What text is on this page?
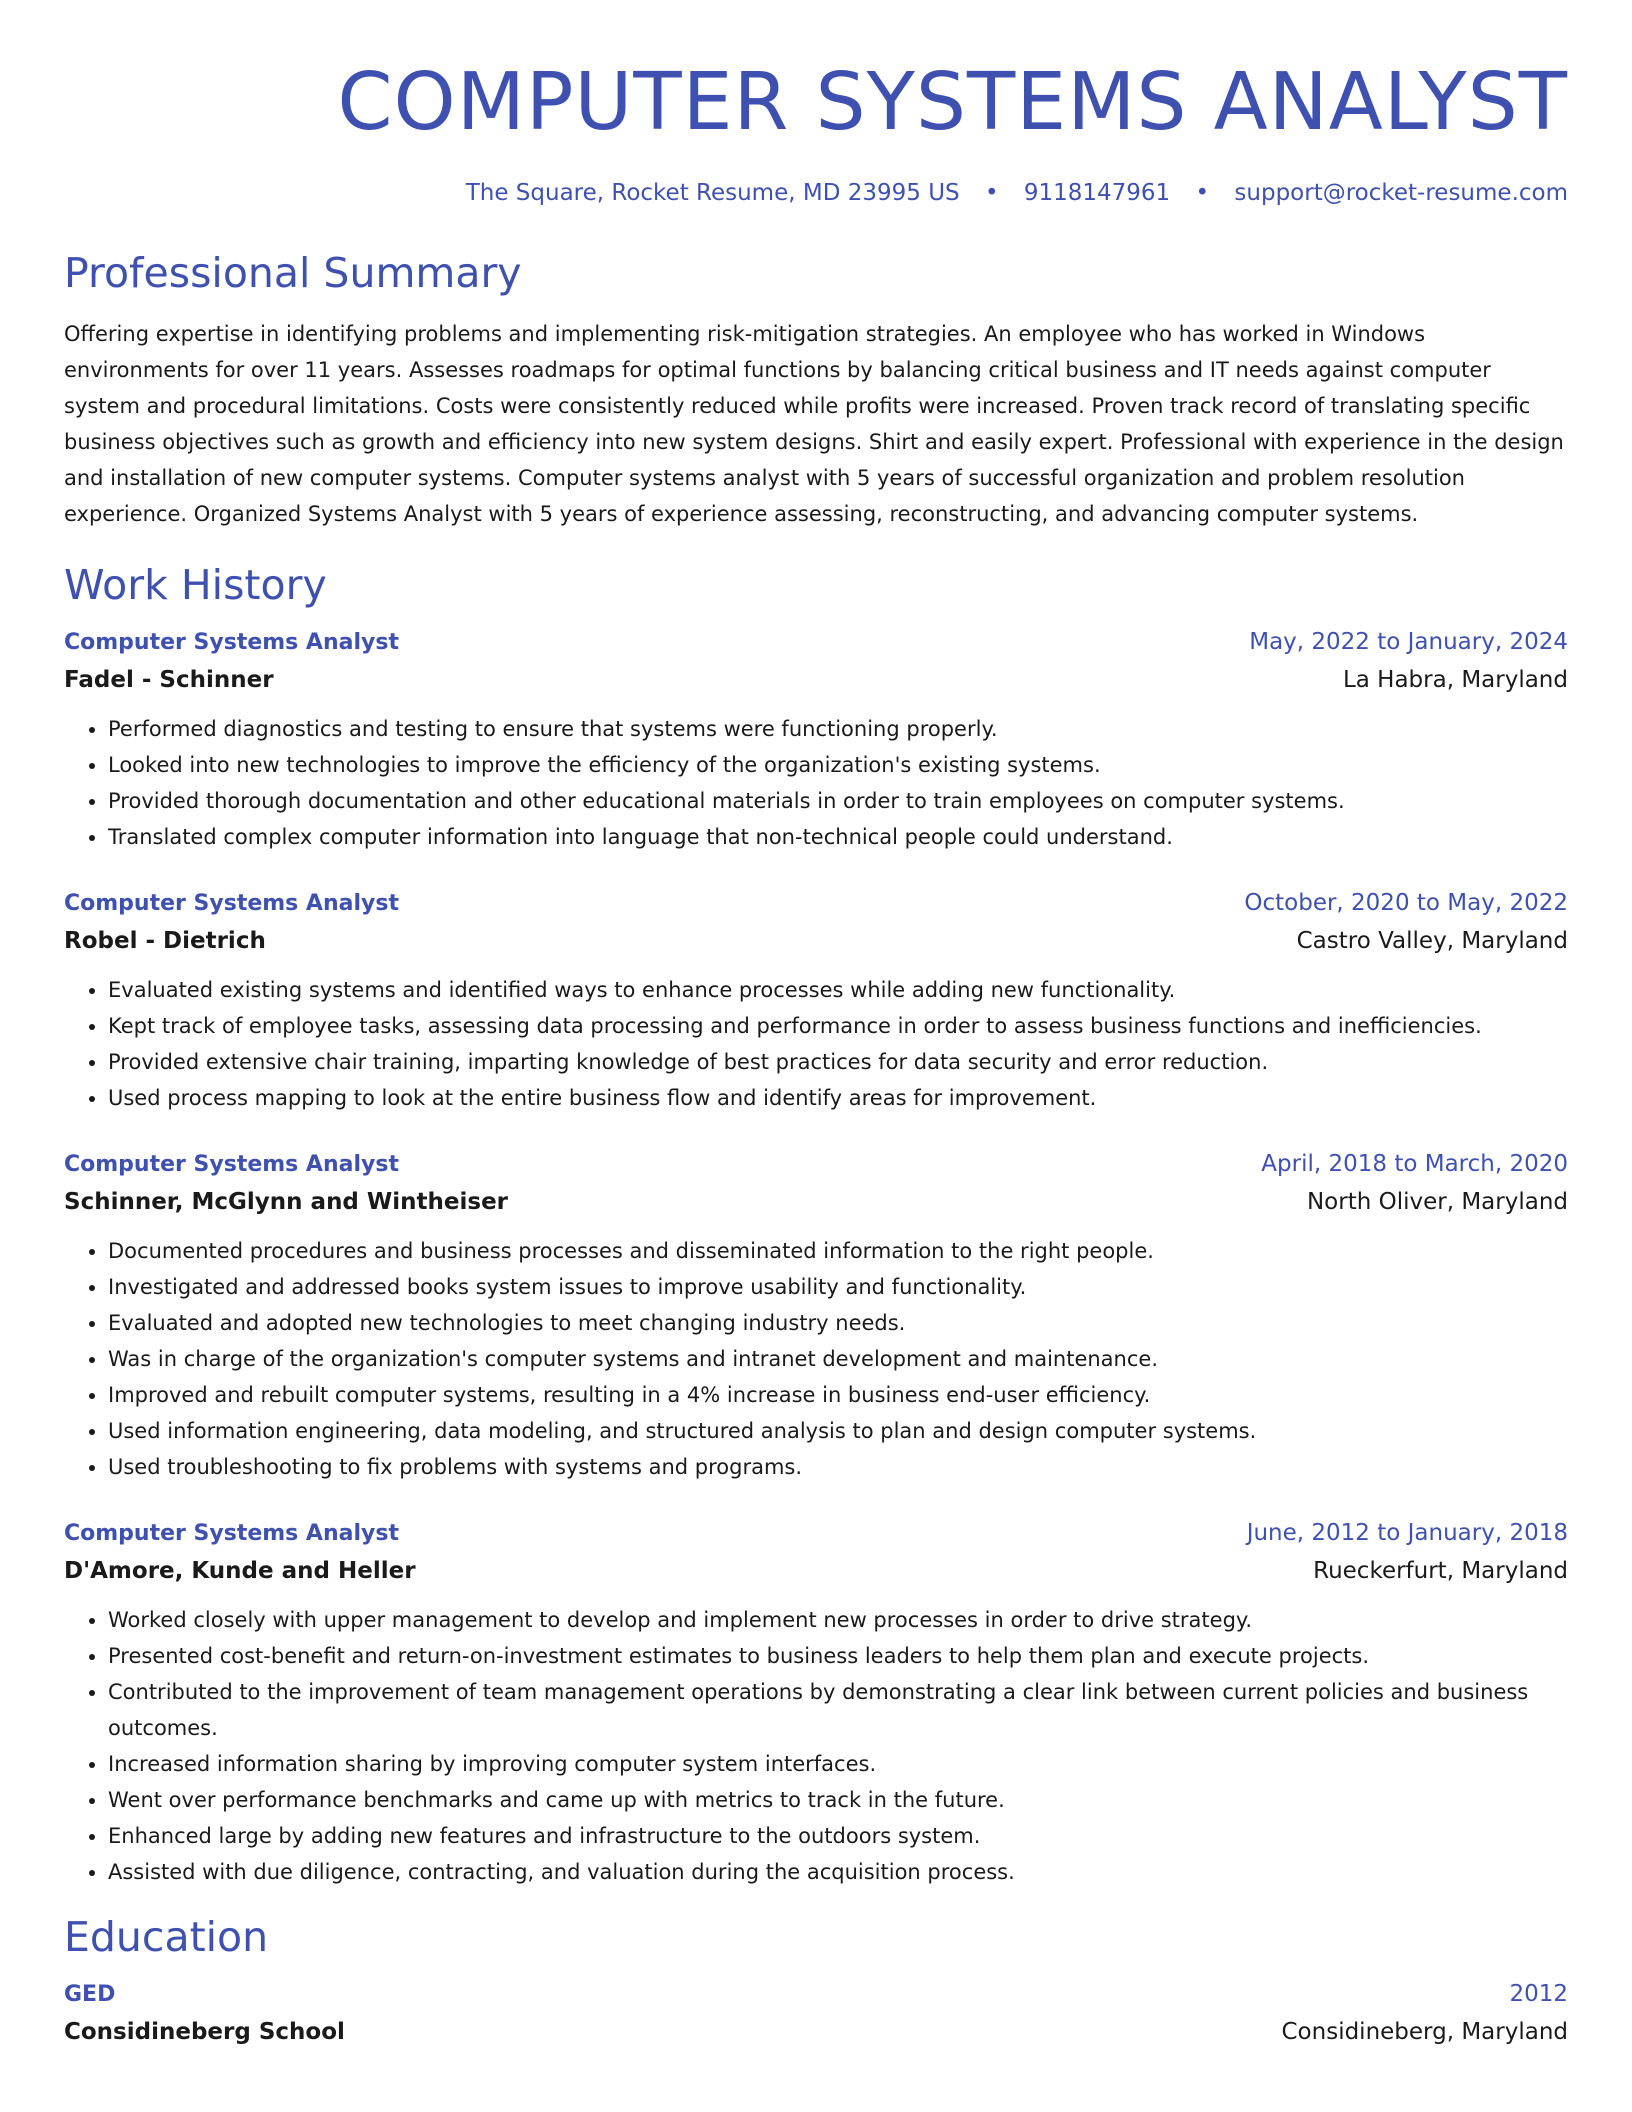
COMPUTER SYSTEMS ANALYST
The Square, Rocket Resume, MD 23995 US • 9118147961 • support@rocket-resume.com
Professional Summary

Offering expertise in identifying problems and implementing risk-mitigation strategies. An employee who has worked in Windows environments for over 11 years. Assesses roadmaps for optimal functions by balancing critical business and IT needs against computer system and procedural limitations. Costs were consistently reduced while profits were increased. Proven track record of translating specific business objectives such as growth and efficiency into new system designs. Shirt and easily expert. Professional with experience in the design and installation of new computer systems. Computer systems analyst with 5 years of successful organization and problem resolution experience. Organized Systems Analyst with 5 years of experience assessing, reconstructing, and advancing computer systems.

Work History
Computer Systems Analyst	May, 2022 to January, 2024
Fadel - Schinner	La Habra, Maryland
• Performed diagnostics and testing to ensure that systems were functioning properly.
• Looked into new technologies to improve the efficiency of the organization's existing systems.
• Provided thorough documentation and other educational materials in order to train employees on computer systems.
• Translated complex computer information into language that non-technical people could understand.
Computer Systems Analyst	October, 2020 to May, 2022
Robel - Dietrich	Castro Valley, Maryland
• Evaluated existing systems and identified ways to enhance processes while adding new functionality.
• Kept track of employee tasks, assessing data processing and performance in order to assess business functions and inefficiencies.
• Provided extensive chair training, imparting knowledge of best practices for data security and error reduction.
• Used process mapping to look at the entire business flow and identify areas for improvement.
Computer Systems Analyst	April, 2018 to March, 2020
Schinner, McGlynn and Wintheiser	North Oliver, Maryland
• Documented procedures and business processes and disseminated information to the right people.
• Investigated and addressed books system issues to improve usability and functionality.
• Evaluated and adopted new technologies to meet changing industry needs.
• Was in charge of the organization's computer systems and intranet development and maintenance.
• Improved and rebuilt computer systems, resulting in a 4% increase in business end-user efficiency.
• Used information engineering, data modeling, and structured analysis to plan and design computer systems.
• Used troubleshooting to fix problems with systems and programs.
Computer Systems Analyst	June, 2012 to January, 2018
D'Amore, Kunde and Heller	Rueckerfurt, Maryland
• Worked closely with upper management to develop and implement new processes in order to drive strategy.
• Presented cost-benefit and return-on-investment estimates to business leaders to help them plan and execute projects.
• Contributed to the improvement of team management operations by demonstrating a clear link between current policies and business outcomes.
• Increased information sharing by improving computer system interfaces.
• Went over performance benchmarks and came up with metrics to track in the future.
• Enhanced large by adding new features and infrastructure to the outdoors system.
• Assisted with due diligence, contracting, and valuation during the acquisition process.
Education
GED	2012
Considineberg School	Considineberg, Maryland
